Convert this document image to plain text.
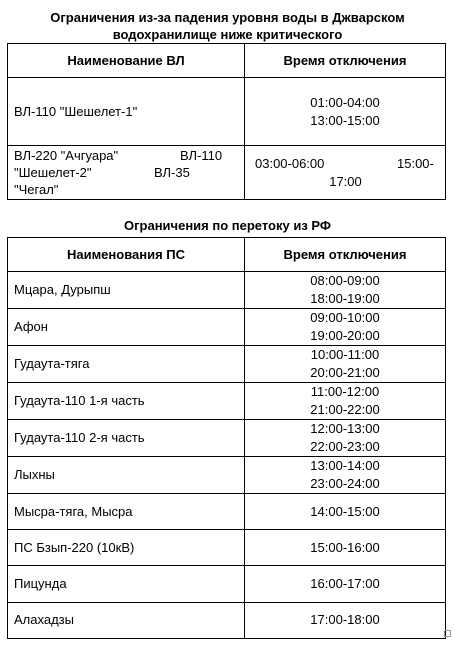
Ограничения из-за падения уровня воды в Джварском
водохранилище ниже критического
Наименование ВЛ	Время отключения
ВЛ-110 "Шешелет-1"	01:00-04:00
13:00-15:00

ВЛ-220 "Ачгуара" ВЛ-110
"Шешелет-2" ВЛ-35
"Чегал"	03:00-06:00 15:00-
17:00
Ограничения по перетоку из РФ
Наименования ПС	Время отключения
Мцара, Дурыпш	08:00-09:00
18:00-19:00

Афон	09:00-10:00
19:00-20:00

Гудаута-тяга	10:00-11:00
20:00-21:00

Гудаута-110 1-я часть	11:00-12:00
21:00-22:00

Гудаута-110 2-я часть	12:00-13:00
22:00-23:00

Лыхны	13:00-14:00
23:00-24:00

Мысра-тяга, Мысра	14:00-15:00

ПС Бзып-220 (10кВ)	15:00-16:00

Пицунда	16:00-17:00

Алахадзы	17:00-18:00
